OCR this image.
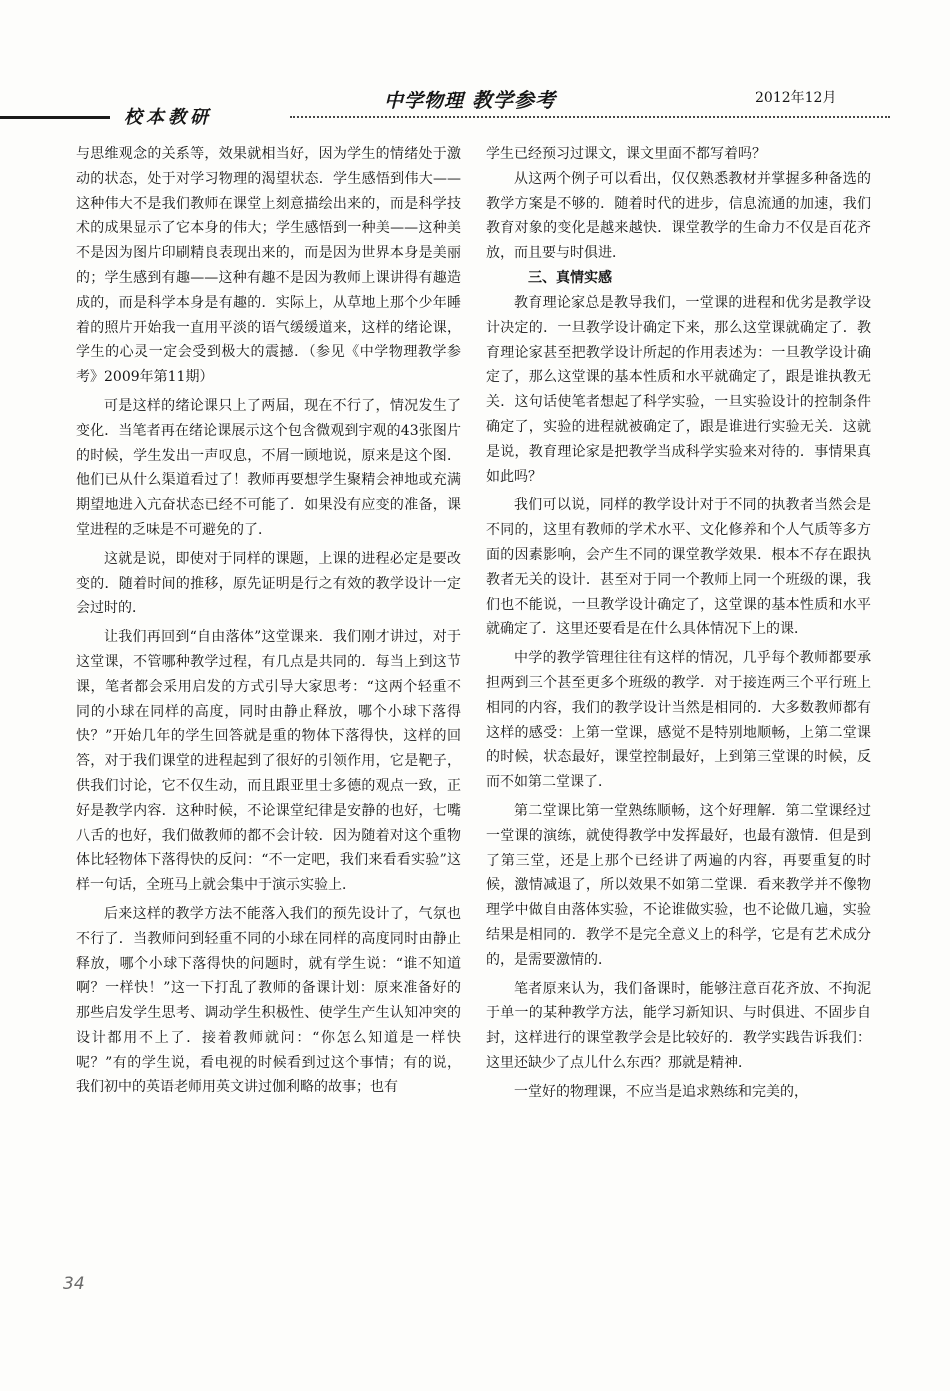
校本教研
中学物理 教学参考	2012年12月

与思维观念的关系等，效果就相当好，因为学生的情绪处于激动的状态，处于对学习物理的渴望状态．学生感悟到伟大——这种伟大不是我们教师在课堂上刻意描绘出来的，而是科学技术的成果显示了它本身的伟大；学生感悟到一种美——这种美不是因为图片印刷精良表现出来的，而是因为世界本身是美丽的；学生感到有趣——这种有趣不是因为教师上课讲得有趣造成的，而是科学本身是有趣的．实际上，从草地上那个少年睡着的照片开始我一直用平淡的语气缓缓道来，这样的绪论课，学生的心灵一定会受到极大的震撼．（参见《中学物理教学参考》2009年第11期）

可是这样的绪论课只上了两届，现在不行了，情况发生了变化．当笔者再在绪论课展示这个包含微观到宇观的43张图片的时候，学生发出一声叹息，不屑一顾地说，原来是这个图．他们已从什么渠道看过了！教师再要想学生聚精会神地或充满期望地进入亢奋状态已经不可能了．如果没有应变的准备，课堂进程的乏味是不可避免的了．

这就是说，即使对于同样的课题，上课的进程必定是要改变的．随着时间的推移，原先证明是行之有效的教学设计一定会过时的．

让我们再回到“自由落体”这堂课来．我们刚才讲过，对于这堂课，不管哪种教学过程，有几点是共同的．每当上到这节课，笔者都会采用启发的方式引导大家思考：“这两个轻重不同的小球在同样的高度，同时由静止释放，哪个小球下落得快？”开始几年的学生回答就是重的物体下落得快，这样的回答，对于我们课堂的进程起到了很好的引领作用，它是靶子，供我们讨论，它不仅生动，而且跟亚里士多德的观点一致，正好是教学内容．这种时候，不论课堂纪律是安静的也好，七嘴八舌的也好，我们做教师的都不会计较．因为随着对这个重物体比轻物体下落得快的反问：“不一定吧，我们来看看实验”这样一句话，全班马上就会集中于演示实验上．

后来这样的教学方法不能落入我们的预先设计了，气氛也不行了．当教师问到轻重不同的小球在同样的高度同时由静止释放，哪个小球下落得快的问题时，就有学生说：“谁不知道啊？一样快！”这一下打乱了教师的备课计划：原来准备好的那些启发学生思考、调动学生积极性、使学生产生认知冲突的设计都用不上了．接着教师就问：“你怎么知道是一样快呢？”有的学生说，看电视的时候看到过这个事情；有的说，我们初中的英语老师用英文讲过伽利略的故事；也有

学生已经预习过课文，课文里面不都写着吗？

从这两个例子可以看出，仅仅熟悉教材并掌握多种备选的教学方案是不够的．随着时代的进步，信息流通的加速，我们教育对象的变化是越来越快．课堂教学的生命力不仅是百花齐放，而且要与时俱进．

三、真情实感

教育理论家总是教导我们，一堂课的进程和优劣是教学设计决定的．一旦教学设计确定下来，那么这堂课就确定了．教育理论家甚至把教学设计所起的作用表述为：一旦教学设计确定了，那么这堂课的基本性质和水平就确定了，跟是谁执教无关．这句话使笔者想起了科学实验，一旦实验设计的控制条件确定了，实验的进程就被确定了，跟是谁进行实验无关．这就是说，教育理论家是把教学当成科学实验来对待的．事情果真如此吗？

我们可以说，同样的教学设计对于不同的执教者当然会是不同的，这里有教师的学术水平、文化修养和个人气质等多方面的因素影响，会产生不同的课堂教学效果．根本不存在跟执教者无关的设计．甚至对于同一个教师上同一个班级的课，我们也不能说，一旦教学设计确定了，这堂课的基本性质和水平就确定了．这里还要看是在什么具体情况下上的课．

中学的教学管理往往有这样的情况，几乎每个教师都要承担两到三个甚至更多个班级的教学．对于接连两三个平行班上相同的内容，我们的教学设计当然是相同的．大多数教师都有这样的感受：上第一堂课，感觉不是特别地顺畅，上第二堂课的时候，状态最好，课堂控制最好，上到第三堂课的时候，反而不如第二堂课了．

第二堂课比第一堂熟练顺畅，这个好理解．第二堂课经过一堂课的演练，就使得教学中发挥最好，也最有激情．但是到了第三堂，还是上那个已经讲了两遍的内容，再要重复的时候，激情减退了，所以效果不如第二堂课．看来教学并不像物理学中做自由落体实验，不论谁做实验，也不论做几遍，实验结果是相同的．教学不是完全意义上的科学，它是有艺术成分的，是需要激情的．

笔者原来认为，我们备课时，能够注意百花齐放、不拘泥于单一的某种教学方法，能学习新知识、与时俱进、不固步自封，这样进行的课堂教学会是比较好的．教学实践告诉我们：这里还缺少了点儿什么东西？那就是精神．

一堂好的物理课，不应当是追求熟练和完美的，

34
